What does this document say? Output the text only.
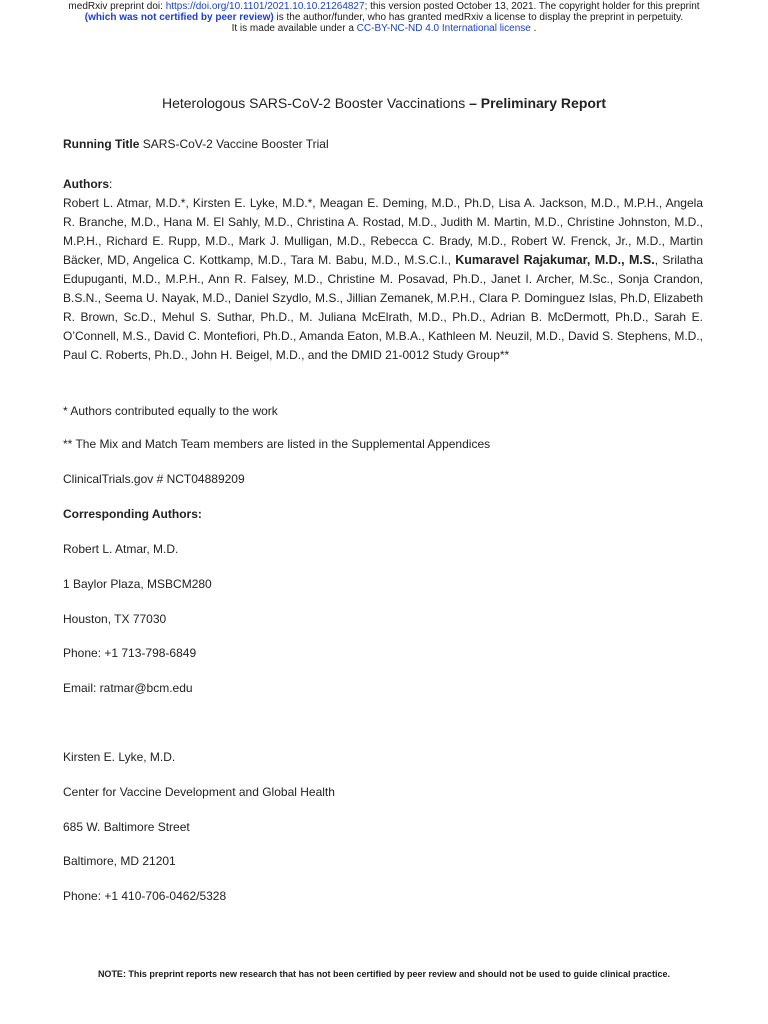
medRxiv preprint doi: https://doi.org/10.1101/2021.10.10.21264827; this version posted October 13, 2021. The copyright holder for this preprint
(which was not certified by peer review) is the author/funder, who has granted medRxiv a license to display the preprint in perpetuity.
It is made available under a CC-BY-NC-ND 4.0 International license .
Heterologous SARS-CoV-2 Booster Vaccinations – Preliminary Report
Running Title SARS-CoV-2 Vaccine Booster Trial
Authors:
Robert L. Atmar, M.D.*, Kirsten E. Lyke, M.D.*, Meagan E. Deming, M.D., Ph.D, Lisa A. Jackson, M.D., M.P.H., Angela R. Branche, M.D., Hana M. El Sahly, M.D., Christina A. Rostad, M.D., Judith M. Martin, M.D., Christine Johnston, M.D., M.P.H., Richard E. Rupp, M.D., Mark J. Mulligan, M.D., Rebecca C. Brady, M.D., Robert W. Frenck, Jr., M.D., Martin Bäcker, MD, Angelica C. Kottkamp, M.D., Tara M. Babu, M.D., M.S.C.I., Kumaravel Rajakumar, M.D., M.S., Srilatha Edupuganti, M.D., M.P.H., Ann R. Falsey, M.D., Christine M. Posavad, Ph.D., Janet I. Archer, M.Sc., Sonja Crandon, B.S.N., Seema U. Nayak, M.D., Daniel Szydlo, M.S., Jillian Zemanek, M.P.H., Clara P. Dominguez Islas, Ph.D, Elizabeth R. Brown, Sc.D., Mehul S. Suthar, Ph.D., M. Juliana McElrath, M.D., Ph.D., Adrian B. McDermott, Ph.D., Sarah E. O’Connell, M.S., David C. Montefiori, Ph.D., Amanda Eaton, M.B.A., Kathleen M. Neuzil, M.D., David S. Stephens, M.D., Paul C. Roberts, Ph.D., John H. Beigel, M.D., and the DMID 21-0012 Study Group**
* Authors contributed equally to the work
** The Mix and Match Team members are listed in the Supplemental Appendices
ClinicalTrials.gov # NCT04889209
Corresponding Authors:
Robert L. Atmar, M.D.
1 Baylor Plaza, MSBCM280
Houston, TX 77030
Phone: +1 713-798-6849
Email: ratmar@bcm.edu
Kirsten E. Lyke, M.D.
Center for Vaccine Development and Global Health
685 W. Baltimore Street
Baltimore, MD 21201
Phone: +1 410-706-0462/5328
NOTE: This preprint reports new research that has not been certified by peer review and should not be used to guide clinical practice.
